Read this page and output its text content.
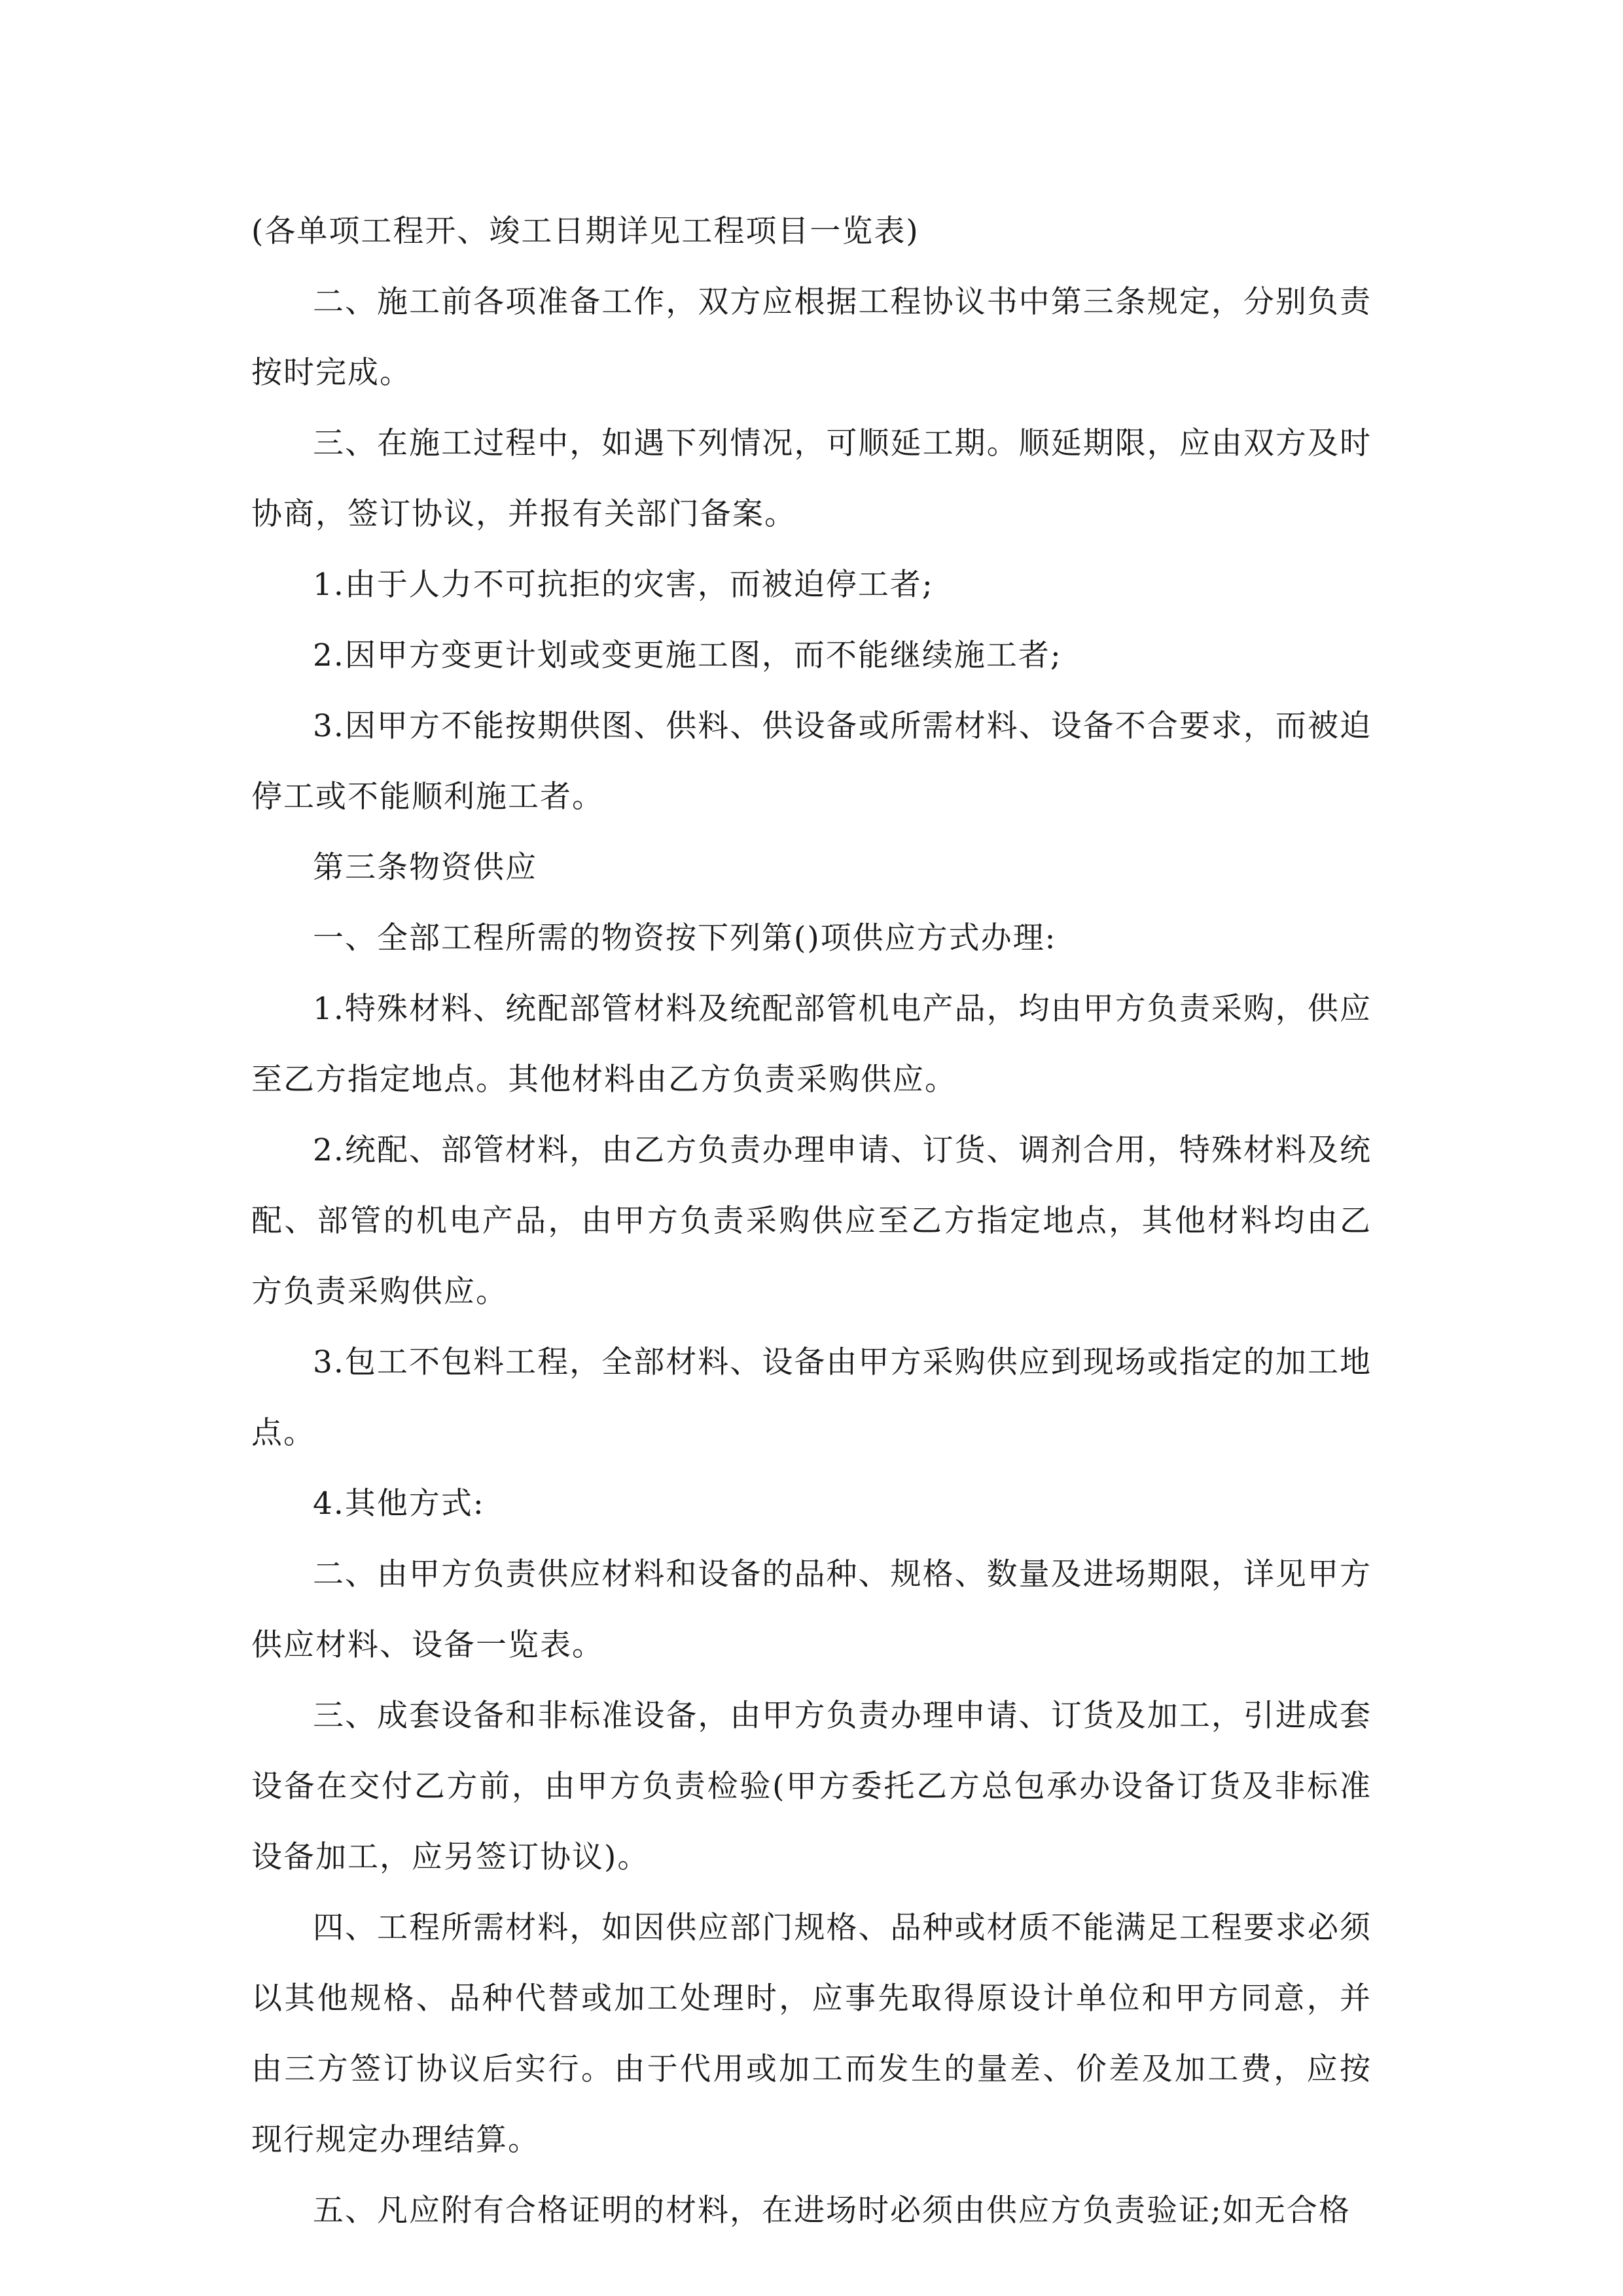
(各单项工程开、竣工日期详见工程项目一览表)

二、施工前各项准备工作，双方应根据工程协议书中第三条规定，分别负责按时完成。

三、在施工过程中，如遇下列情况，可顺延工期。顺延期限，应由双方及时协商，签订协议，并报有关部门备案。

1.由于人力不可抗拒的灾害，而被迫停工者;

2.因甲方变更计划或变更施工图，而不能继续施工者;

3.因甲方不能按期供图、供料、供设备或所需材料、设备不合要求，而被迫停工或不能顺利施工者。

第三条物资供应

一、全部工程所需的物资按下列第()项供应方式办理:

1.特殊材料、统配部管材料及统配部管机电产品，均由甲方负责采购，供应至乙方指定地点。其他材料由乙方负责采购供应。

2.统配、部管材料，由乙方负责办理申请、订货、调剂合用，特殊材料及统配、部管的机电产品，由甲方负责采购供应至乙方指定地点，其他材料均由乙方负责采购供应。

3.包工不包料工程，全部材料、设备由甲方采购供应到现场或指定的加工地点。

4.其他方式:

二、由甲方负责供应材料和设备的品种、规格、数量及进场期限，详见甲方供应材料、设备一览表。

三、成套设备和非标准设备，由甲方负责办理申请、订货及加工，引进成套设备在交付乙方前，由甲方负责检验(甲方委托乙方总包承办设备订货及非标准设备加工，应另签订协议)。

四、工程所需材料，如因供应部门规格、品种或材质不能满足工程要求必须以其他规格、品种代替或加工处理时，应事先取得原设计单位和甲方同意，并由三方签订协议后实行。由于代用或加工而发生的量差、价差及加工费，应按现行规定办理结算。

五、凡应附有合格证明的材料，在进场时必须由供应方负责验证;如无合格
